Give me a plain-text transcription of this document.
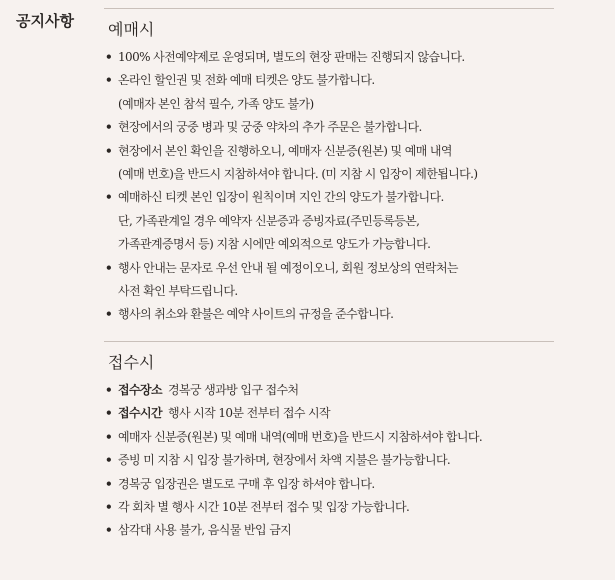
공지사항 예매시
• 100% 사전예약제로 운영되며, 별도의 현장 판매는 진행되지 않습니다.
• 온라인 할인권 및 전화 예매 티켓은 양도 불가합니다.
(예매자 본인 참석 필수, 가족 양도 불가)
• 현장에서의 궁중 병과 및 궁중 약차의 추가 주문은 불가합니다.
• 현장에서 본인 확인을 진행하오니, 예매자 신분증(원본) 및 예매 내역
(예매 번호)을 반드시 지참하셔야 합니다. (미 지참 시 입장이 제한됩니다.)
• 예매하신 티켓 본인 입장이 원칙이며 지인 간의 양도가 불가합니다.
단, 가족관계일 경우 예약자 신분증과 증빙자료(주민등록등본,
가족관계증명서 등) 지참 시에만 예외적으로 양도가 가능합니다.
• 행사 안내는 문자로 우선 안내 될 예정이오니, 회원 정보상의 연락처는
사전 확인 부탁드립니다.
• 행사의 취소와 환불은 예약 사이트의 규정을 준수합니다.
접수시
• 접수장소 경복궁 생과방 입구 접수처
• 접수시간 행사 시작 10분 전부터 접수 시작
• 예매자 신분증(원본) 및 예매 내역(예매 번호)을 반드시 지참하셔야 합니다.
• 증빙 미 지참 시 입장 불가하며, 현장에서 차액 지불은 불가능합니다.
• 경복궁 입장권은 별도로 구매 후 입장 하셔야 합니다.
• 각 회차 별 행사 시간 10분 전부터 접수 및 입장 가능합니다.
• 삼각대 사용 불가, 음식물 반입 금지
